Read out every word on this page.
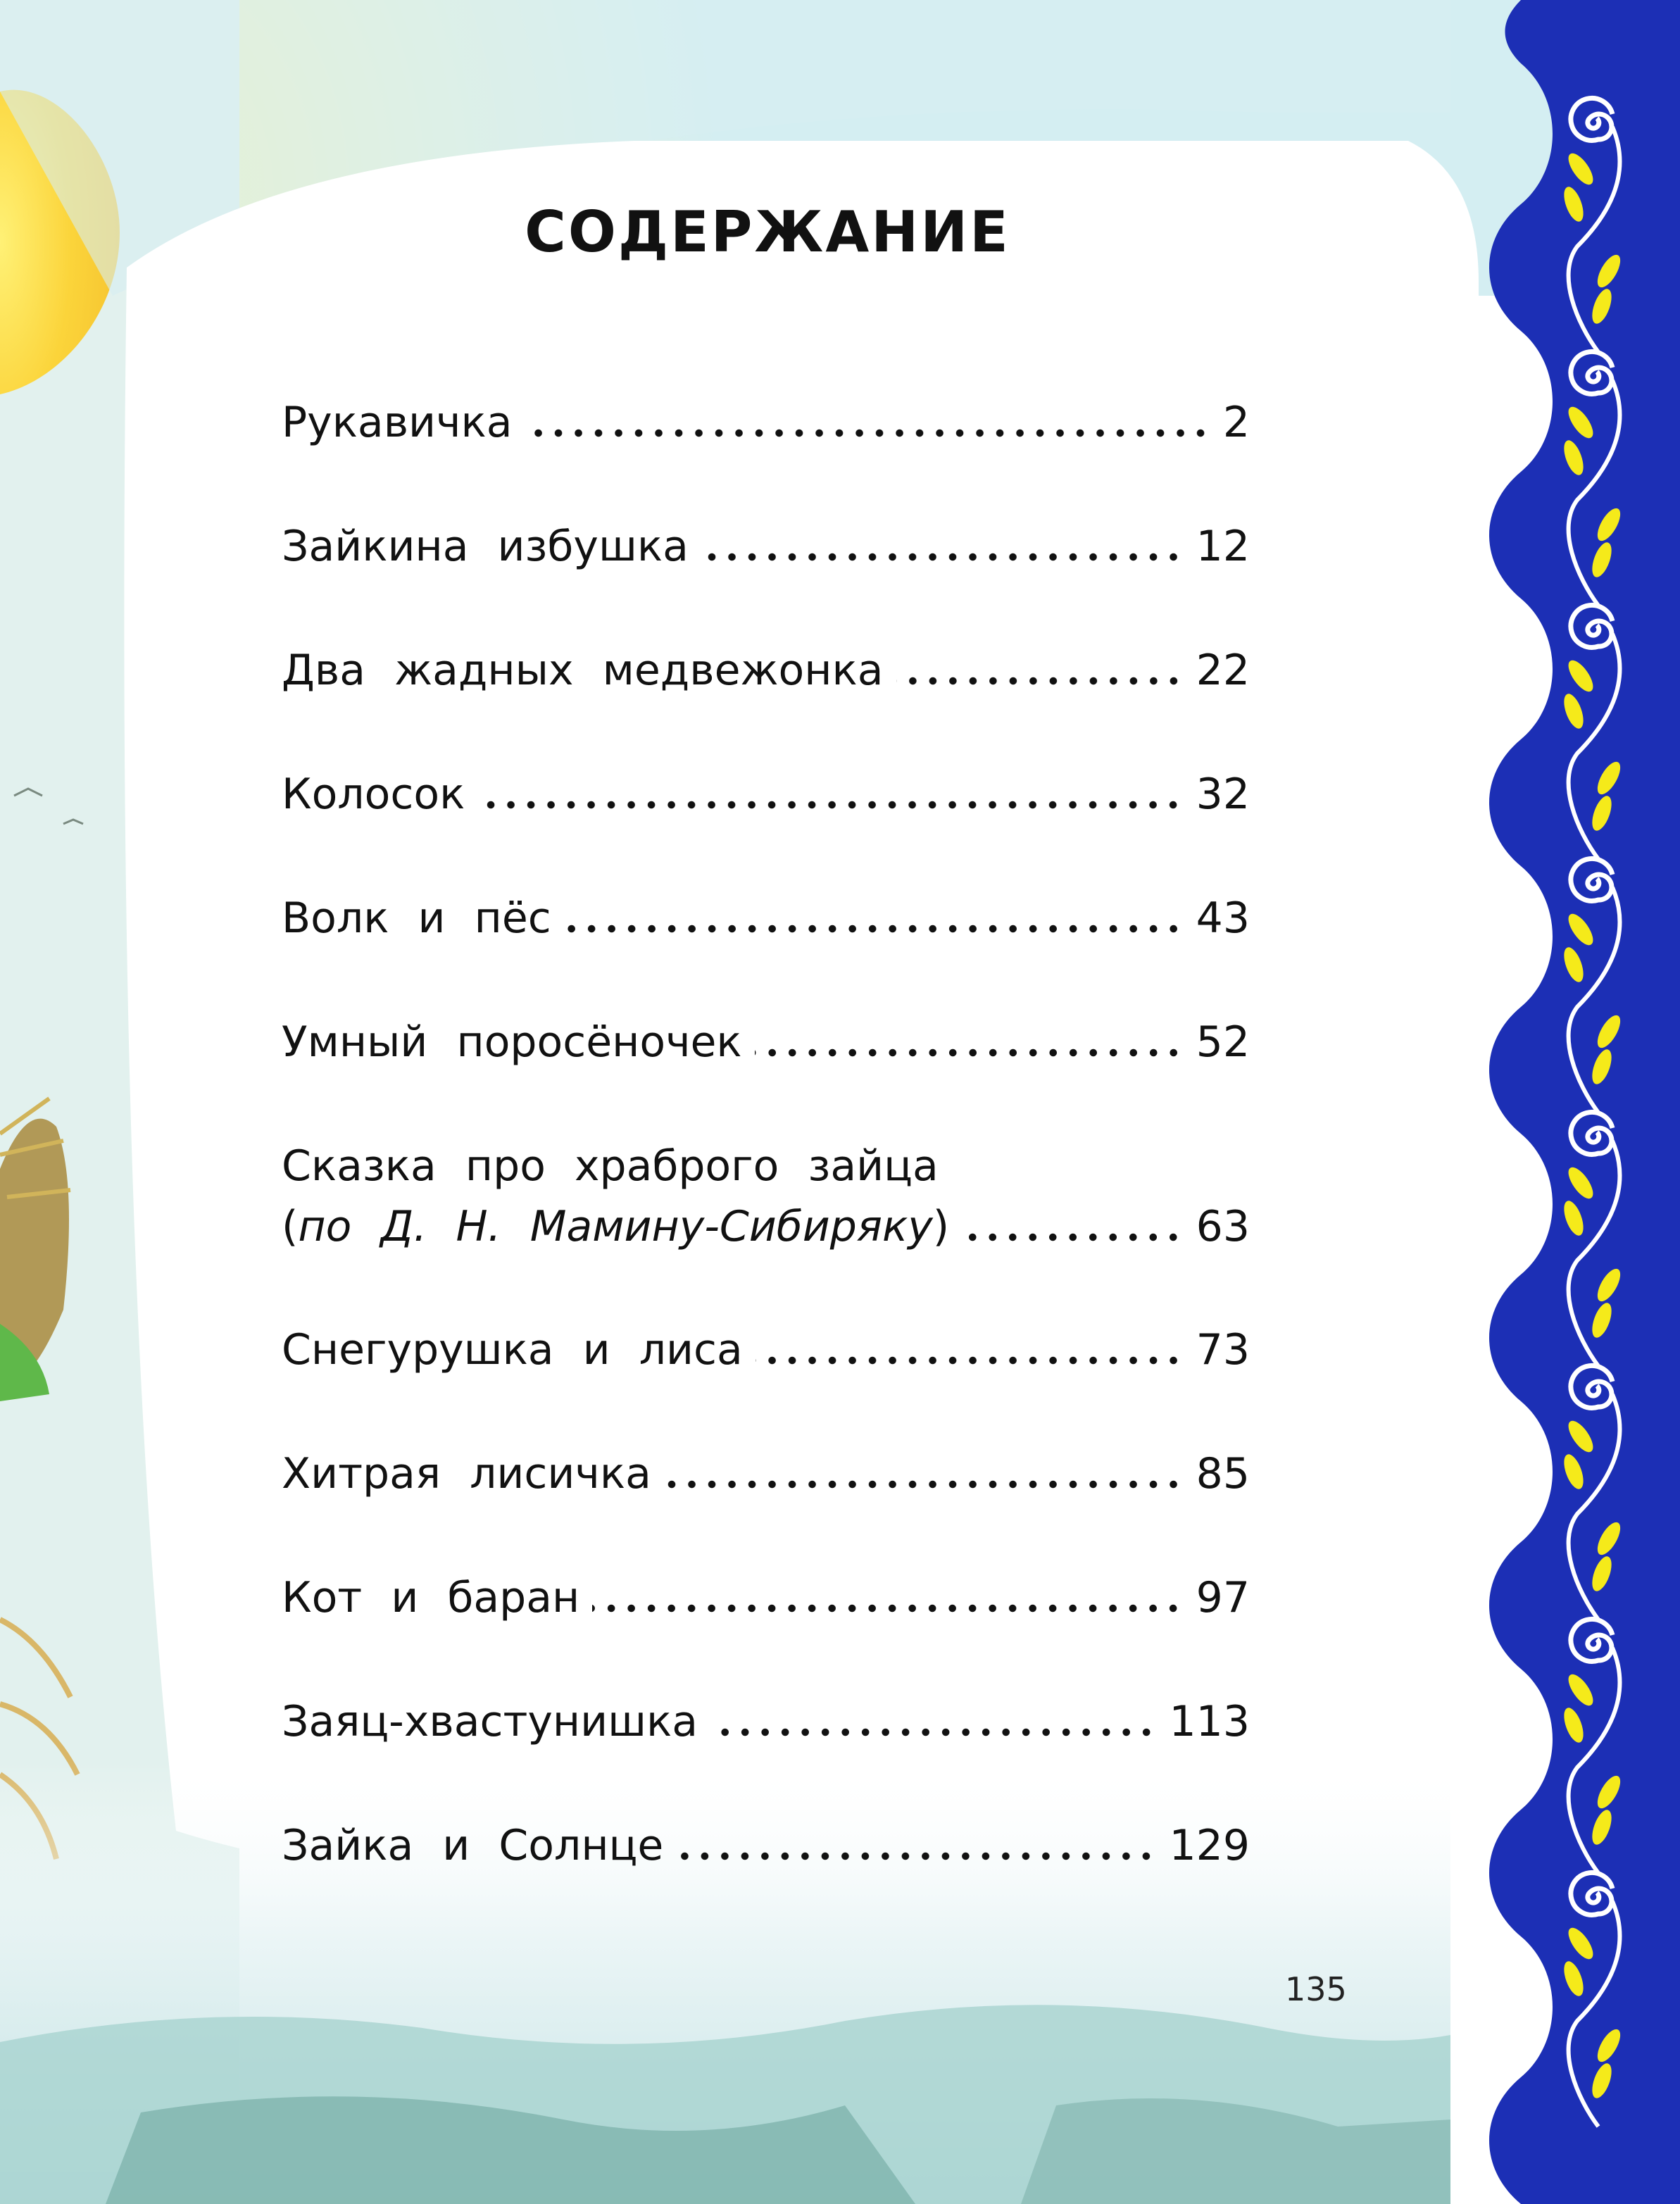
СОДЕРЖАНИЕ
Рукавичка	2
Зайкина избушка	12
Два жадных медвежонка	22
Колосок	32
Волк и пёс	43
Умный поросёночек	52
Сказка про храброго зайца
(по Д. Н. Мамину-Сибиряку)	63
Снегурушка и лиса	73
Хитрая лисичка	85
Кот и баран	97
Заяц-хвастунишка	113
Зайка и Солнце	129
135
